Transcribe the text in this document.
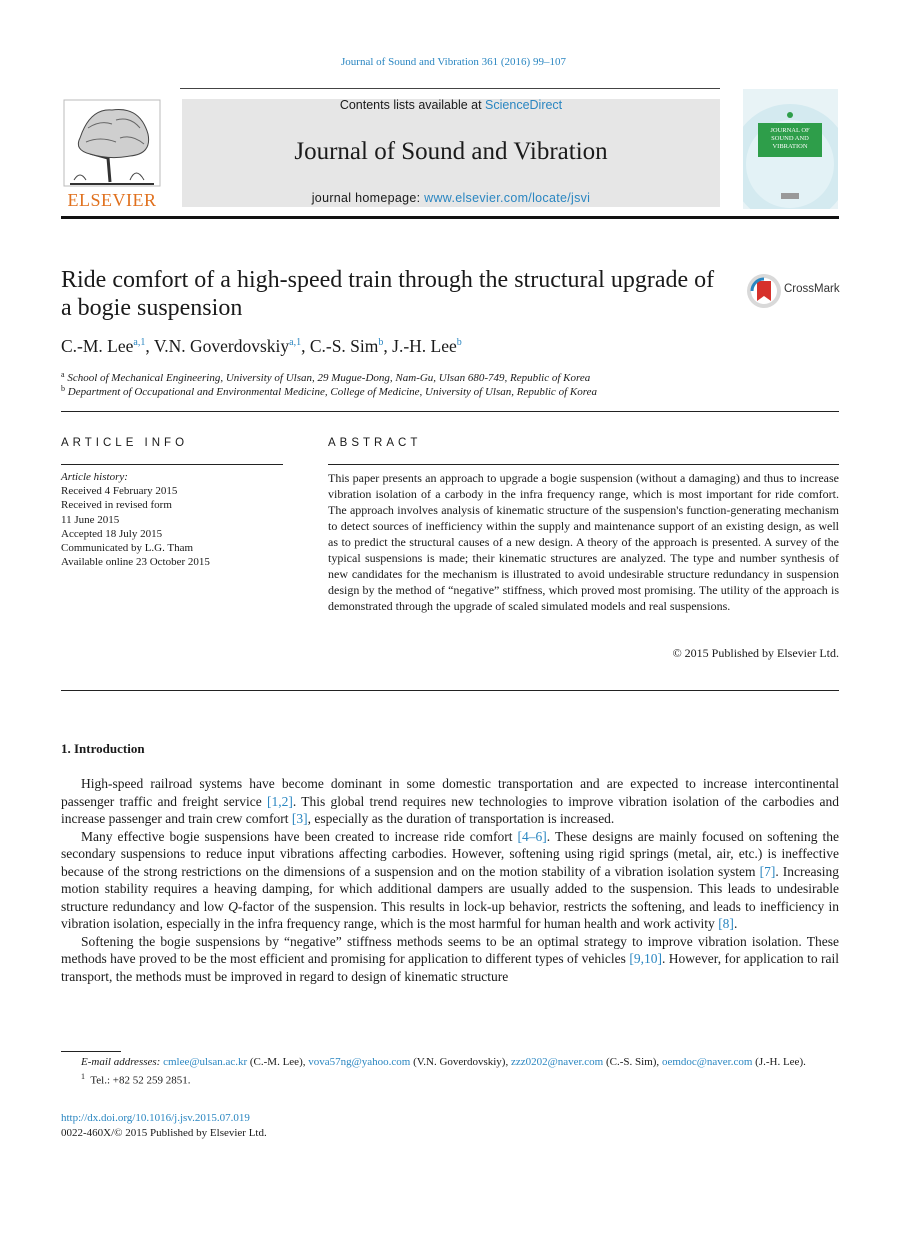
Journal of Sound and Vibration 361 (2016) 99–107
ELSEVIER
Contents lists available at ScienceDirect
Journal of Sound and Vibration
journal homepage: www.elsevier.com/locate/jsvi
JOURNAL OF SOUND AND VIBRATION
Ride comfort of a high-speed train through the structural upgrade of a bogie suspension
CrossMark
C.-M. Lee$^{a,1}$, V.N. Goverdovskiy$^{a,1}$, C.-S. Sim$^b$, J.-H. Lee$^b$
$^a$ School of Mechanical Engineering, University of Ulsan, 29 Mugue-Dong, Nam-Gu, Ulsan 680-749, Republic of Korea
$^b$ Department of Occupational and Environmental Medicine, College of Medicine, University of Ulsan, Republic of Korea
ARTICLE INFO
Article history:
Received 4 February 2015
Received in revised form
11 June 2015
Accepted 18 July 2015
Communicated by L.G. Tham
Available online 23 October 2015
ABSTRACT
This paper presents an approach to upgrade a bogie suspension (without a damaging) and thus to increase vibration isolation of a carbody in the infra frequency range, which is most important for ride comfort. The approach involves analysis of kinematic structure of the suspension's function-generating mechanism to detect sources of inefficiency within the supply and maintenance support of an existing design, as well as to predict the structural causes of a new design. A theory of the approach is presented. A survey of the typical suspensions is made; their kinematic structures are analyzed. The type and number synthesis of new candidates for the mechanism is illustrated to avoid undesirable structure redundancy in suspension design by the method of “negative” stiffness, which proved most promising. The utility of the approach is demonstrated through the upgrade of scaled simulated models and real suspensions.
© 2015 Published by Elsevier Ltd.
1. Introduction

High-speed railroad systems have become dominant in some domestic transportation and are expected to increase intercontinental passenger traffic and freight service [1,2]. This global trend requires new technologies to improve vibration isolation of the carbodies and increase passenger and train crew comfort [3], especially as the duration of transportation is increased.

Many effective bogie suspensions have been created to increase ride comfort [4–6]. These designs are mainly focused on softening the secondary suspensions to reduce input vibrations affecting carbodies. However, softening using rigid springs (metal, air, etc.) is ineffective because of the strong restrictions on the dimensions of a suspension and on the motion stability of a vibration isolation system [7]. Increasing motion stability requires a heaving damping, for which additional dampers are usually added to the suspension. This leads to undesirable structure redundancy and low Q-factor of the suspension. This results in lock-up behavior, restricts the softening, and leads to inefficiency in vibration isolation, especially in the infra frequency range, which is the most harmful for human health and work activity [8].

Softening the bogie suspensions by “negative” stiffness methods seems to be an optimal strategy to improve vibration isolation. These methods have proved to be the most efficient and promising for application to different types of vehicles [9,10]. However, for application to rail transport, the methods must be improved in regard to design of kinematic structure

E-mail addresses: cmlee@ulsan.ac.kr (C.-M. Lee), vova57ng@yahoo.com (V.N. Goverdovskiy), zzz0202@naver.com (C.-S. Sim), oemdoc@naver.com (J.-H. Lee).
$^1$ Tel.: +82 52 259 2851.
http://dx.doi.org/10.1016/j.jsv.2015.07.019
0022-460X/© 2015 Published by Elsevier Ltd.
